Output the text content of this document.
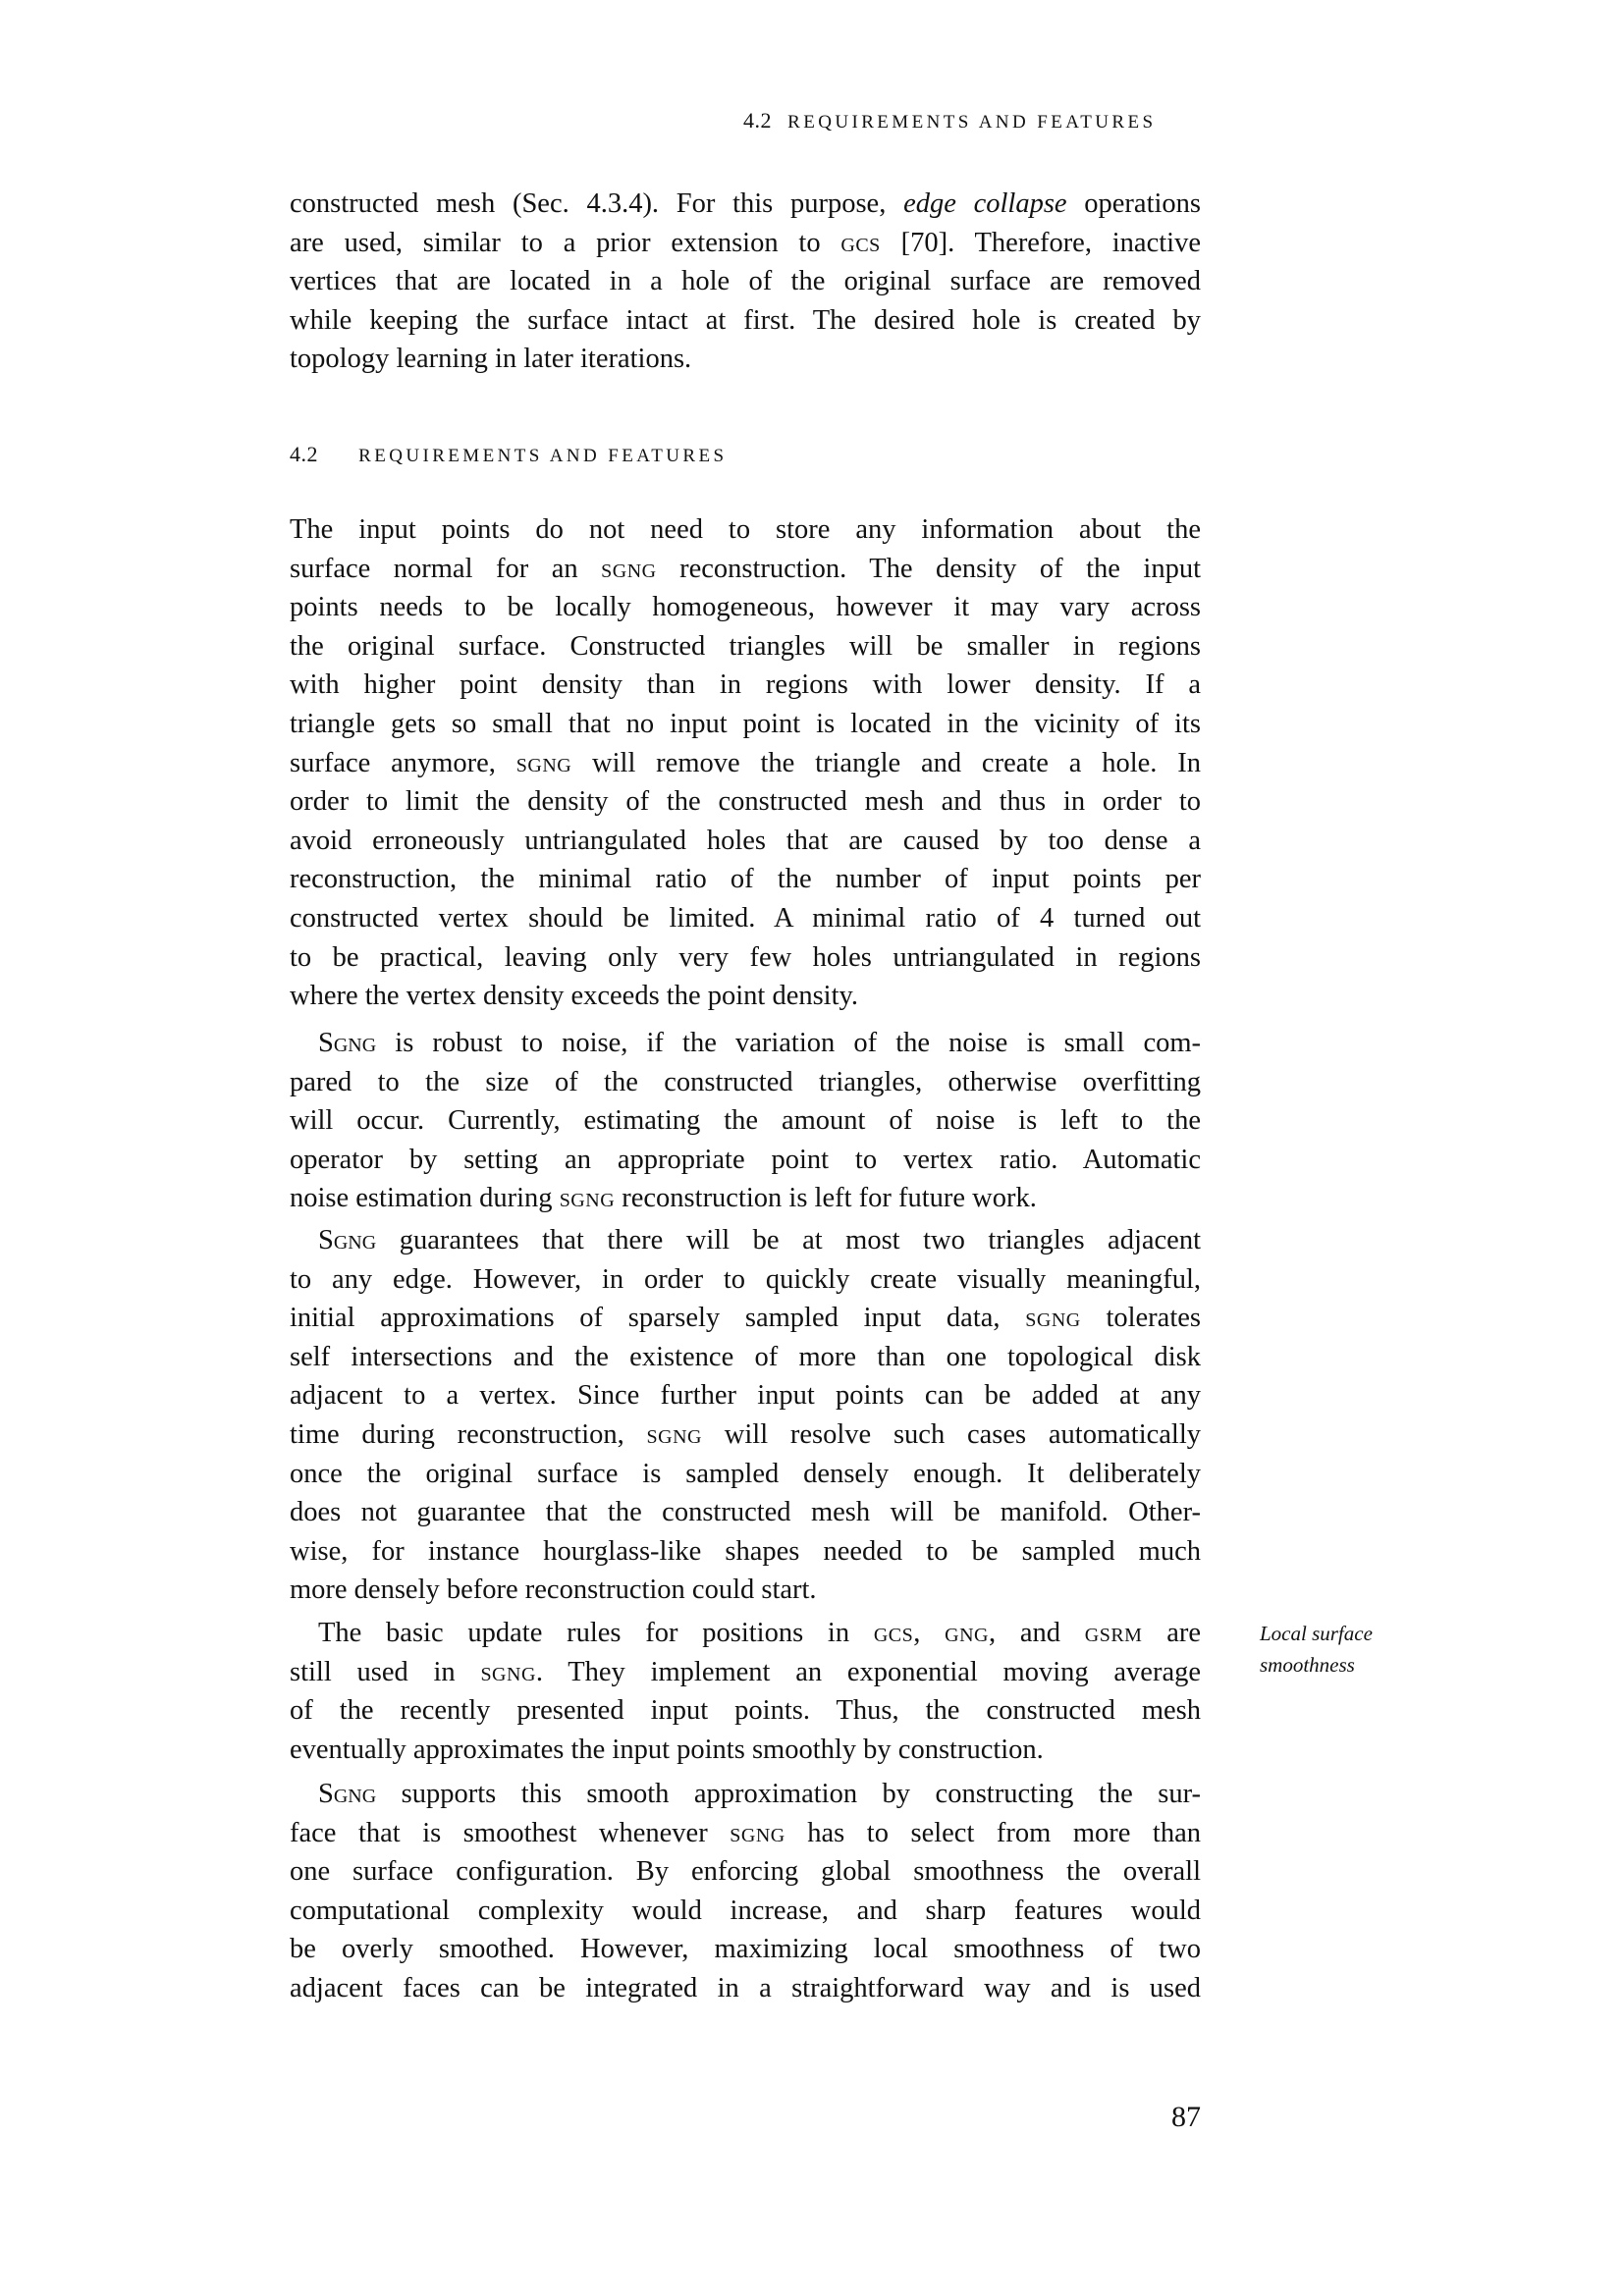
4.2 REQUIREMENTS AND FEATURES
4.2 REQUIREMENTS AND FEATURES
constructed mesh (Sec. 4.3.4). For this purpose, edge collapse operations
are used, similar to a prior extension to gcs [70]. Therefore, inactive
vertices that are located in a hole of the original surface are removed
while keeping the surface intact at first. The desired hole is created by
topology learning in later iterations.
The input points do not need to store any information about the
surface normal for an sgng reconstruction. The density of the input
points needs to be locally homogeneous, however it may vary across
the original surface. Constructed triangles will be smaller in regions
with higher point density than in regions with lower density. If a
triangle gets so small that no input point is located in the vicinity of its
surface anymore, sgng will remove the triangle and create a hole. In
order to limit the density of the constructed mesh and thus in order to
avoid erroneously untriangulated holes that are caused by too dense a
reconstruction, the minimal ratio of the number of input points per
constructed vertex should be limited. A minimal ratio of 4 turned out
to be practical, leaving only very few holes untriangulated in regions
where the vertex density exceeds the point density.
Sgng is robust to noise, if the variation of the noise is small com-
pared to the size of the constructed triangles, otherwise overfitting
will occur. Currently, estimating the amount of noise is left to the
operator by setting an appropriate point to vertex ratio. Automatic
noise estimation during sgng reconstruction is left for future work.
Sgng guarantees that there will be at most two triangles adjacent
to any edge. However, in order to quickly create visually meaningful,
initial approximations of sparsely sampled input data, sgng tolerates
self intersections and the existence of more than one topological disk
adjacent to a vertex. Since further input points can be added at any
time during reconstruction, sgng will resolve such cases automatically
once the original surface is sampled densely enough. It deliberately
does not guarantee that the constructed mesh will be manifold. Other-
wise, for instance hourglass-like shapes needed to be sampled much
more densely before reconstruction could start.
The basic update rules for positions in gcs, gng, and gsrm are
still used in sgng. They implement an exponential moving average
of the recently presented input points. Thus, the constructed mesh
eventually approximates the input points smoothly by construction.
Sgng supports this smooth approximation by constructing the sur-
face that is smoothest whenever sgng has to select from more than
one surface configuration. By enforcing global smoothness the overall
computational complexity would increase, and sharp features would
be overly smoothed. However, maximizing local smoothness of two
adjacent faces can be integrated in a straightforward way and is used
Local surface
smoothness
87
